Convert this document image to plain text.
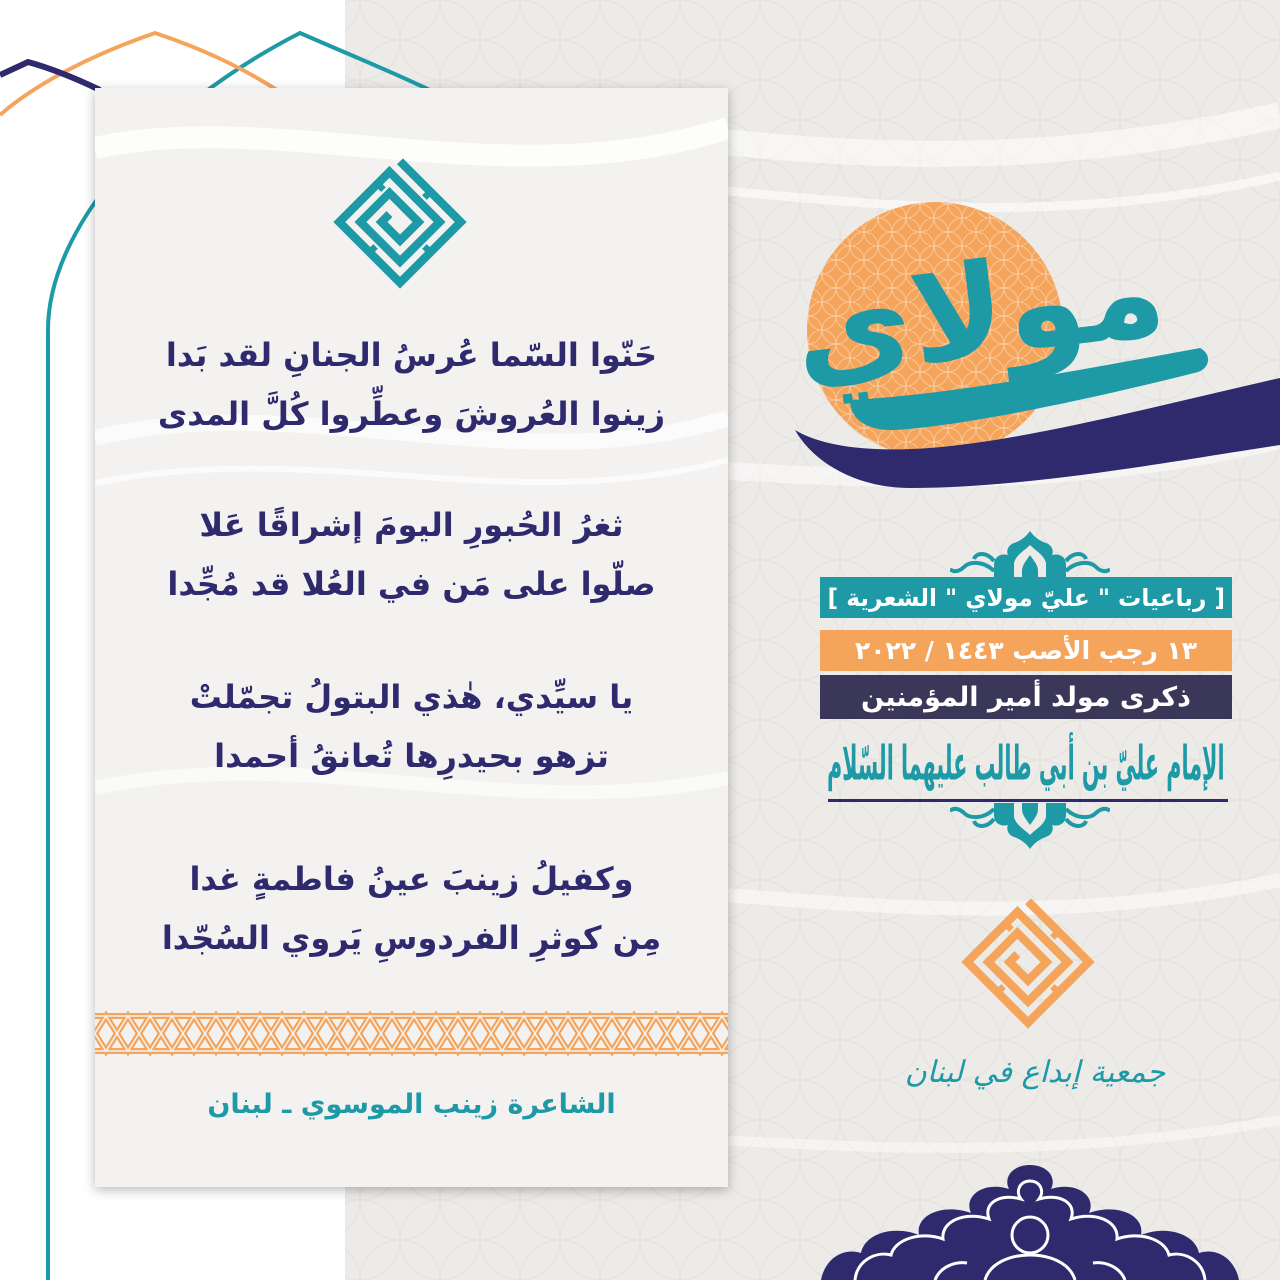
حَنّوا السّما عُرسُ الجنانِ لقد بَدا
زينوا العُروشَ وعطِّروا كُلَّ المدى
ثغرُ الحُبورِ اليومَ إشراقًا عَلا
صلّوا على مَن في العُلا قد مُجِّدا
يا سيِّدي، هٰذي البتولُ تجمّلتْ
تزهو بحيدرِها تُعانقُ أحمدا
وكفيلُ زينبَ عينُ فاطمةٍ غدا
مِن كوثرِ الفردوسِ يَروي السُجّدا
الشاعرة زينب الموسوي ـ لبنان
مولاي
[ رباعيات " عليّ مولاي " الشعرية ]
١٣ رجب الأصب ١٤٤٣ / ٢٠٢٢
ذكرى مولد أمير المؤمنين
الإمام عليّ بن أبي طالب عليهما السّلام
جمعية إبداع في لبنان
